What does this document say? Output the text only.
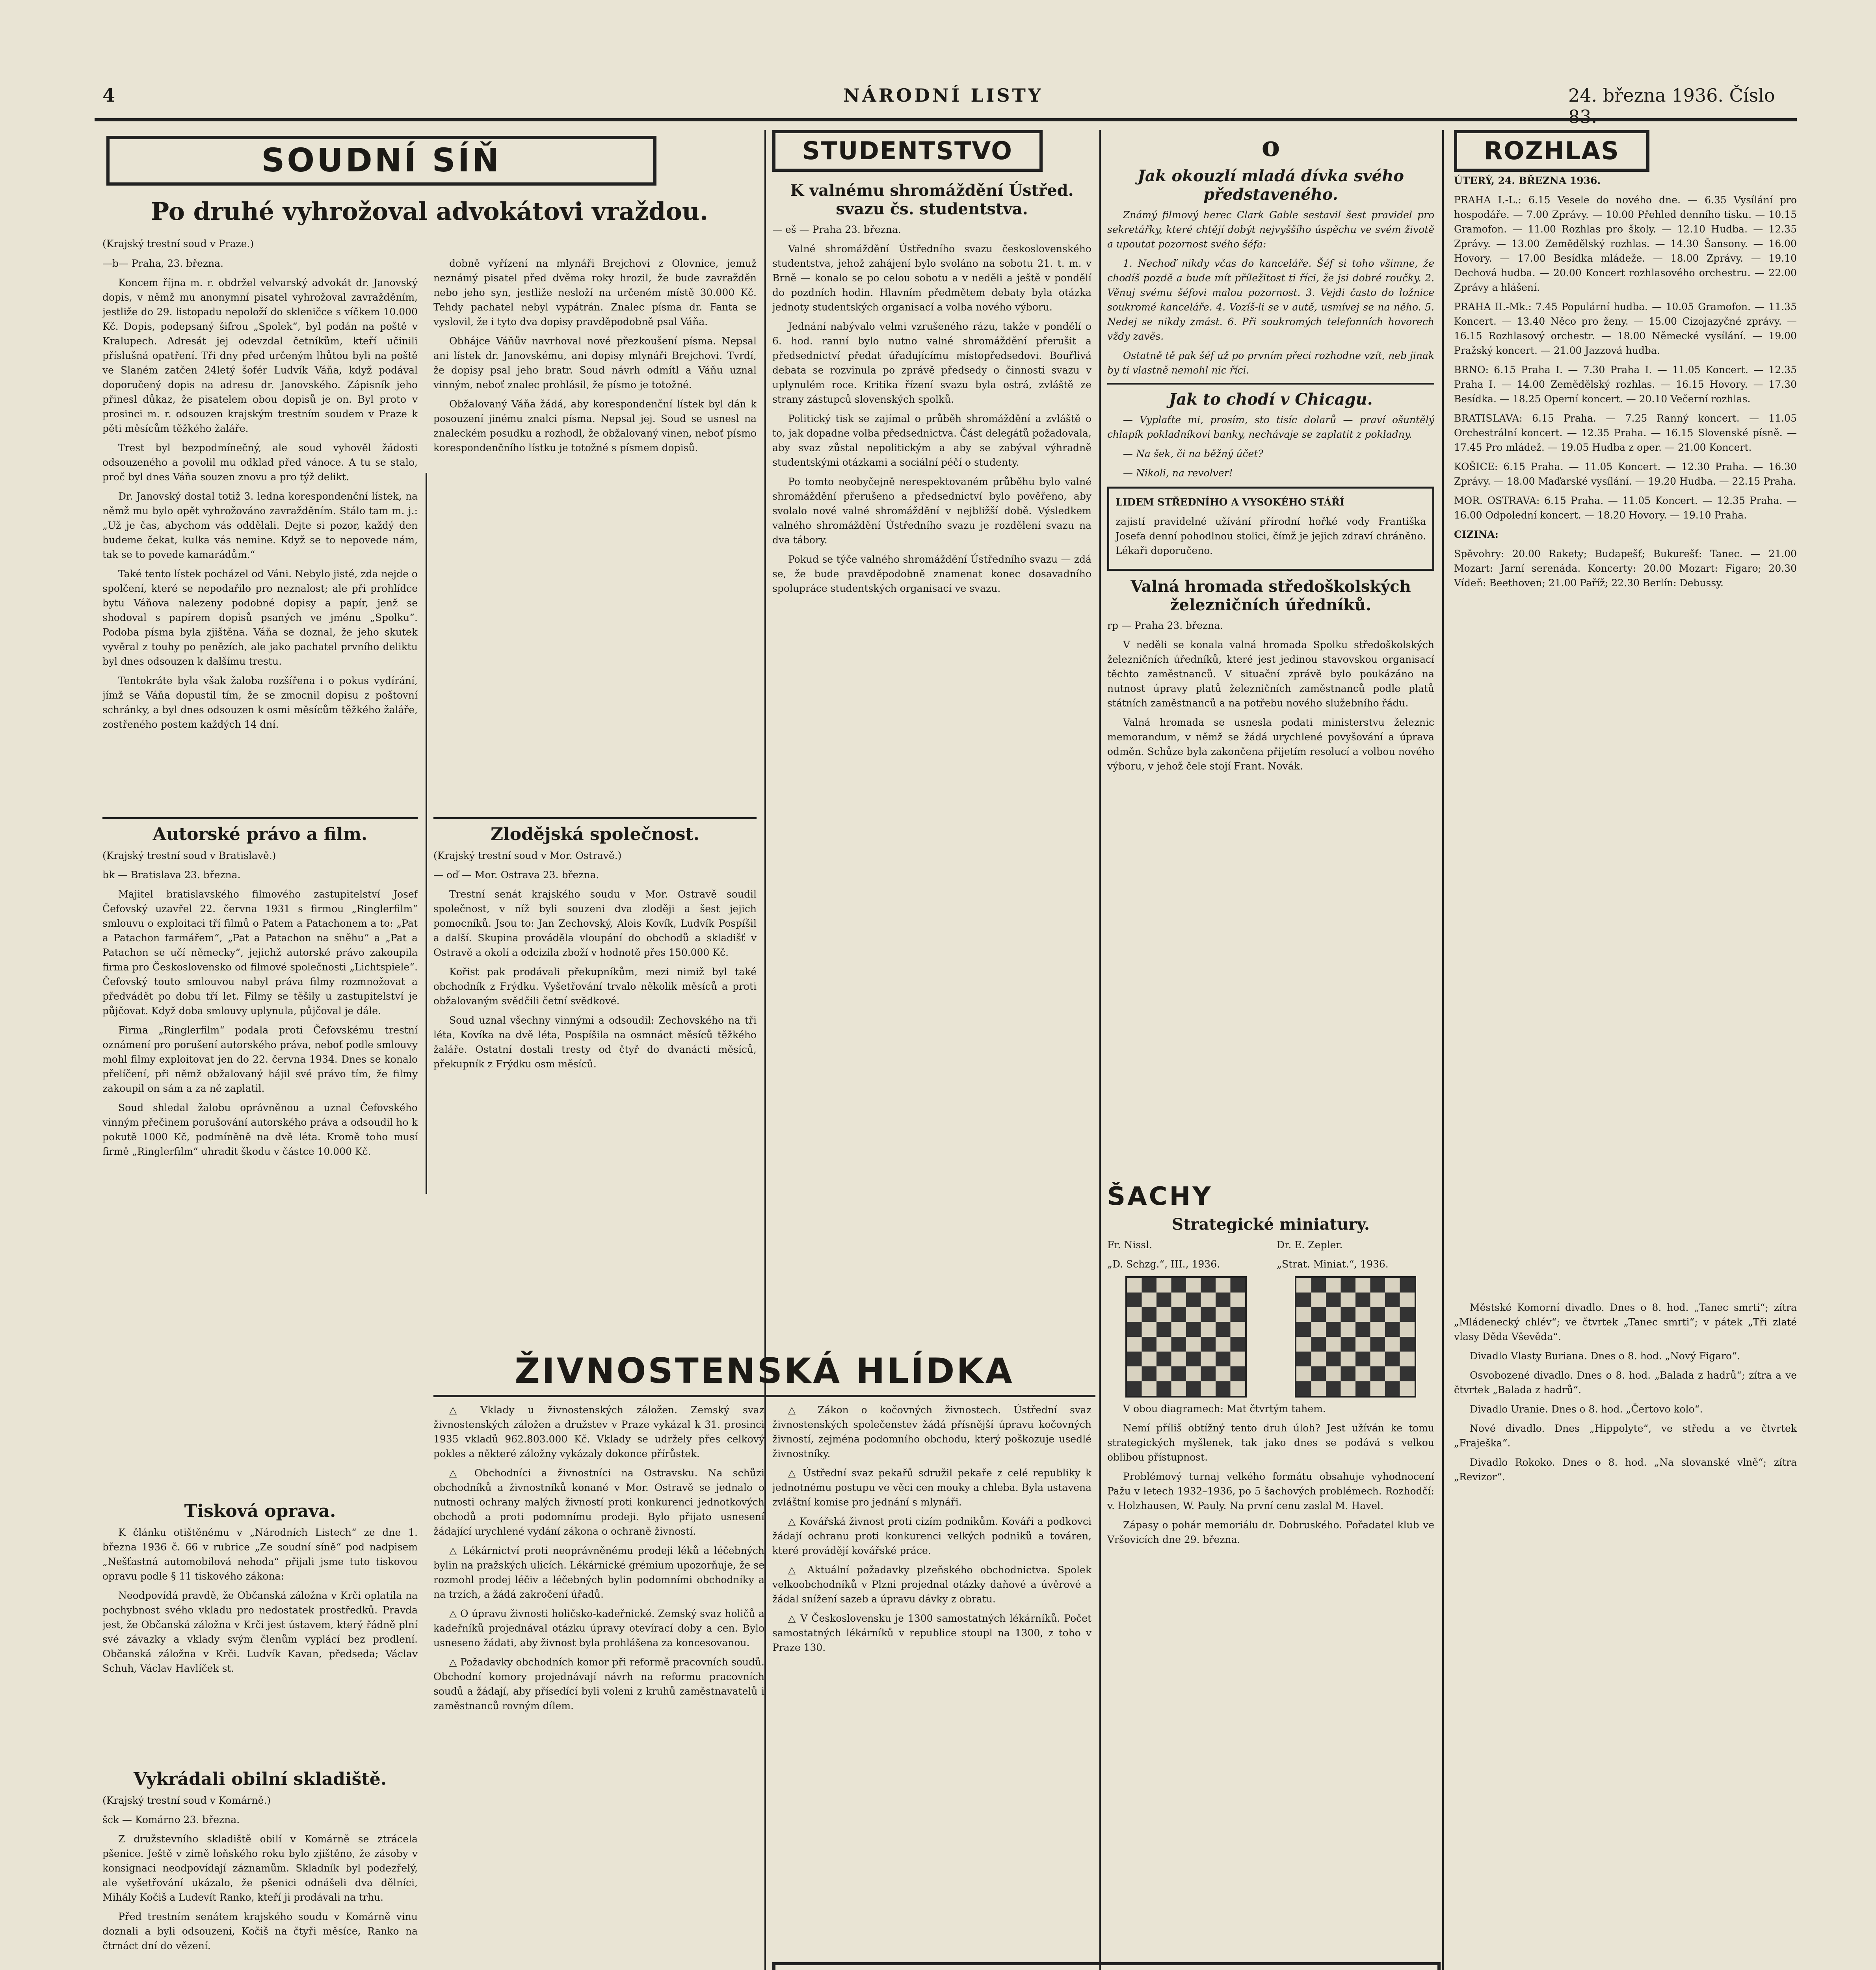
4	NÁRODNÍ LISTY	24. března 1936. Číslo 83.
SOUDNÍ SÍŇ
Po druhé vyhrožoval advokátovi vraždou.

(Krajský trestní soud v Praze.)

—b— Praha, 23. března.

Koncem října m. r. obdržel velvarský advokát dr. Janovský dopis, v němž mu anonymní pisatel vyhrožoval zavražděním, jestliže do 29. listopadu nepoloží do skleničce s víčkem 10.000 Kč. Dopis, podepsaný šifrou „Spolek“, byl podán na poště v Kralupech. Adresát jej odevzdal četníkům, kteří učinili příslušná opatření. Tři dny před určeným lhůtou byli na poště ve Slaném zatčen 24letý šofér Ludvík Váňa, když podával doporučený dopis na adresu dr. Janovského. Zápisník jeho přinesl důkaz, že pisatelem obou dopisů je on. Byl proto v prosinci m. r. odsouzen krajským trestním soudem v Praze k pěti měsícům těžkého žaláře.

Trest byl bezpodmínečný, ale soud vyhověl žádosti odsouzeného a povolil mu odklad před vánoce. A tu se stalo, proč byl dnes Váňa souzen znovu a pro týž delikt.

Dr. Janovský dostal totiž 3. ledna korespondenční lístek, na němž mu bylo opět vyhrožováno zavražděním. Stálo tam m. j.: „Už je čas, abychom vás oddělali. Dejte si pozor, každý den budeme čekat, kulka vás nemine. Když se to nepovede nám, tak se to povede kamarádům.“

Také tento lístek pocházel od Váni. Nebylo jisté, zda nejde o spolčení, které se nepodařilo pro neznalost; ale při prohlídce bytu Váňova nalezeny podobné dopisy a papír, jenž se shodoval s papírem dopisů psaných ve jménu „Spolku“. Podoba písma byla zjištěna. Váňa se doznal, že jeho skutek vyvěral z touhy po penězích, ale jako pachatel prvního deliktu byl dnes odsouzen k dalšímu trestu.

Tentokráte byla však žaloba rozšířena i o pokus vydírání, jímž se Váňa dopustil tím, že se zmocnil dopisu z poštovní schránky, a byl dnes odsouzen k osmi měsícům těžkého žaláře, zostřeného postem každých 14 dní.

dobně vyřízení na mlynáři Brejchovi z Olovnice, jemuž neznámý pisatel před dvěma roky hrozil, že bude zavražděn nebo jeho syn, jestliže nesloží na určeném místě 30.000 Kč. Tehdy pachatel nebyl vypátrán. Znalec písma dr. Fanta se vyslovil, že i tyto dva dopisy pravděpodobně psal Váňa.

Obhájce Váňův navrhoval nové přezkoušení písma. Nepsal ani lístek dr. Janovskému, ani dopisy mlynáři Brejchovi. Tvrdí, že dopisy psal jeho bratr. Soud návrh odmítl a Váňu uznal vinným, neboť znalec prohlásil, že písmo je totožné.

Obžalovaný Váňa žádá, aby korespondenční lístek byl dán k posouzení jinému znalci písma. Nepsal jej. Soud se usnesl na znaleckém posudku a rozhodl, že obžalovaný vinen, neboť písmo korespondenčního lístku je totožné s písmem dopisů.

Autorské právo a film.

(Krajský trestní soud v Bratislavě.)

bk — Bratislava 23. března.

Majitel bratislavského filmového zastupitelství Josef Čefovský uzavřel 22. června 1931 s firmou „Ringlerfilm“ smlouvu o exploitaci tří filmů o Patem a Patachonem a to: „Pat a Patachon farmářem“, „Pat a Patachon na sněhu“ a „Pat a Patachon se učí německy“, jejichž autorské právo zakoupila firma pro Československo od filmové společnosti „Lichtspiele“. Čefovský touto smlouvou nabyl práva filmy rozmnožovat a předvádět po dobu tří let. Filmy se těšily u zastupitelství je půjčovat. Když doba smlouvy uplynula, půjčoval je dále.

Firma „Ringlerfilm“ podala proti Čefovskému trestní oznámení pro porušení autorského práva, neboť podle smlouvy mohl filmy exploitovat jen do 22. června 1934. Dnes se konalo přelíčení, při němž obžalovaný hájil své právo tím, že filmy zakoupil on sám a za ně zaplatil.

Soud shledal žalobu oprávněnou a uznal Čefovského vinným přečinem porušování autorského práva a odsoudil ho k pokutě 1000 Kč, podmíněně na dvě léta. Kromě toho musí firmě „Ringlerfilm“ uhradit škodu v částce 10.000 Kč.

Tisková oprava.

K článku otištěnému v „Národních Listech“ ze dne 1. března 1936 č. 66 v rubrice „Ze soudní síně“ pod nadpisem „Nešťastná automobilová nehoda“ přijali jsme tuto tiskovou opravu podle § 11 tiskového zákona:

Neodpovídá pravdě, že Občanská záložna v Krči oplatila na pochybnost svého vkladu pro nedostatek prostředků. Pravda jest, že Občanská záložna v Krči jest ústavem, který řádně plní své závazky a vklady svým členům vyplácí bez prodlení. Občanská záložna v Krči. Ludvík Kavan, předseda; Václav Schuh, Václav Havlíček st.

Vykrádali obilní skladiště.

(Krajský trestní soud v Komárně.)

šck — Komárno 23. března.

Z družstevního skladiště obilí v Komárně se ztrácela pšenice. Ještě v zimě loňského roku bylo zjištěno, že zásoby v konsignaci neodpovídají záznamům. Skladník byl podezřelý, ale vyšetřování ukázalo, že pšenici odnášeli dva dělníci, Mihály Kočiš a Ludevít Ranko, kteří ji prodávali na trhu.

Před trestním senátem krajského soudu v Komárně vinu doznali a byli odsouzeni, Kočiš na čtyři měsíce, Ranko na čtrnáct dní do vězení.

Zlodějská společnost.

(Krajský trestní soud v Mor. Ostravě.)

— oď — Mor. Ostrava 23. března.

Trestní senát krajského soudu v Mor. Ostravě soudil společnost, v níž byli souzeni dva zloději a šest jejich pomocníků. Jsou to: Jan Zechovský, Alois Kovík, Ludvík Pospíšil a další. Skupina prováděla vloupání do obchodů a skladišť v Ostravě a okolí a odcizila zboží v hodnotě přes 150.000 Kč.

Kořist pak prodávali překupníkům, mezi nimiž byl také obchodník z Frýdku. Vyšetřování trvalo několik měsíců a proti obžalovaným svědčili četní svědkové.

Soud uznal všechny vinnými a odsoudil: Zechovského na tři léta, Kovíka na dvě léta, Pospíšila na osmnáct měsíců těžkého žaláře. Ostatní dostali tresty od čtyř do dvanácti měsíců, překupník z Frýdku osm měsíců.

STUDENTSTVO
K valnému shromáždění Ústřed. svazu čs. studentstva.

— eš — Praha 23. března.

Valné shromáždění Ústředního svazu československého studentstva, jehož zahájení bylo svoláno na sobotu 21. t. m. v Brně — konalo se po celou sobotu a v neděli a ještě v pondělí do pozdních hodin. Hlavním předmětem debaty byla otázka jednoty studentských organisací a volba nového výboru.

Jednání nabývalo velmi vzrušeného rázu, takže v pondělí o 6. hod. ranní bylo nutno valné shromáždění přerušit a předsednictví předat úřadujícímu místopředsedovi. Bouřlivá debata se rozvinula po zprávě předsedy o činnosti svazu v uplynulém roce. Kritika řízení svazu byla ostrá, zvláště ze strany zástupců slovenských spolků.

Politický tisk se zajímal o průběh shromáždění a zvláště o to, jak dopadne volba předsednictva. Část delegátů požadovala, aby svaz zůstal nepolitickým a aby se zabýval výhradně studentskými otázkami a sociální péčí o studenty.

Po tomto neobyčejně nerespektovaném průběhu bylo valné shromáždění přerušeno a předsednictví bylo pověřeno, aby svolalo nové valné shromáždění v nejbližší době. Výsledkem valného shromáždění Ústředního svazu je rozdělení svazu na dva tábory.

Pokud se týče valného shromáždění Ústředního svazu — zdá se, že bude pravděpodobně znamenat konec dosavadního spolupráce studentských organisací ve svazu.

o
Jak okouzlí mladá dívka svého představeného.

Známý filmový herec Clark Gable sestavil šest pravidel pro sekretářky, které chtějí dobýt nejvyššího úspěchu ve svém životě a upoutat pozornost svého šéfa:

1. Nechoď nikdy včas do kanceláře. Šéf si toho všimne, že chodíš pozdě a bude mít příležitost ti říci, že jsi dobré roučky. 2. Věnuj svému šéfovi malou pozornost. 3. Vejdi často do ložnice soukromé kanceláře. 4. Vozíš-li se v autě, usmívej se na něho. 5. Nedej se nikdy zmást. 6. Při soukromých telefonních hovorech vždy zavěs.

Ostatně tě pak šéf už po prvním přeci rozhodne vzít, neb jinak by ti vlastně nemohl nic říci.

Jak to chodí v Chicagu.

— Vyplaťte mi, prosím, sto tisíc dolarů — praví ošuntělý chlapík pokladníkovi banky, nechávaje se zaplatit z pokladny.

— Na šek, či na běžný účet?

— Nikoli, na revolver!

LIDEM STŘEDNÍHO A VYSOKÉHO STÁŘÍ

zajistí pravidelné užívání přírodní hořké vody Františka Josefa denní pohodlnou stolici, čímž je jejich zdraví chráněno. Lékaři doporučeno.

Valná hromada středoškolských železničních úředníků.

rp — Praha 23. března.

V neděli se konala valná hromada Spolku středoškolských železničních úředníků, které jest jedinou stavovskou organisací těchto zaměstnanců. V situační zprávě bylo poukázáno na nutnost úpravy platů železničních zaměstnanců podle platů státních zaměstnanců a na potřebu nového služebního řádu.

Valná hromada se usnesla podati ministerstvu železnic memorandum, v němž se žádá urychlené povyšování a úprava odměn. Schůze byla zakončena přijetím resolucí a volbou nového výboru, v jehož čele stojí Frant. Novák.

ŽIVNOSTENSKÁ HLÍDKA

△ Vklady u živnostenských záložen. Zemský svaz živnostenských záložen a družstev v Praze vykázal k 31. prosinci 1935 vkladů 962.803.000 Kč. Vklady se udržely přes celkový pokles a některé záložny vykázaly dokonce přírůstek.

△ Obchodníci a živnostníci na Ostravsku. Na schůzi obchodníků a živnostníků konané v Mor. Ostravě se jednalo o nutnosti ochrany malých živností proti konkurenci jednotkových obchodů a proti podomnímu prodeji. Bylo přijato usnesení žádající urychlené vydání zákona o ochraně živností.

△ Lékárnictví proti neoprávněnému prodeji léků a léčebných bylin na pražských ulicích. Lékárnické grémium upozorňuje, že se rozmohl prodej léčiv a léčebných bylin podomními obchodníky a na trzích, a žádá zakročení úřadů.

△ O úpravu živnosti holičsko-kadeřnické. Zemský svaz holičů a kadeřníků projednával otázku úpravy otevírací doby a cen. Bylo usneseno žádati, aby živnost byla prohlášena za koncesovanou.

△ Požadavky obchodních komor při reformě pracovních soudů. Obchodní komory projednávají návrh na reformu pracovních soudů a žádají, aby přísedící byli voleni z kruhů zaměstnavatelů i zaměstnanců rovným dílem.

△ Zákon o kočovných živnostech. Ústřední svaz živnostenských společenstev žádá přísnější úpravu kočovných živností, zejména podomního obchodu, který poškozuje usedlé živnostníky.

△ Ústřední svaz pekařů sdružil pekaře z celé republiky k jednotnému postupu ve věci cen mouky a chleba. Byla ustavena zvláštní komise pro jednání s mlynáři.

△ Kovářská živnost proti cizím podnikům. Kováři a podkovci žádají ochranu proti konkurenci velkých podniků a továren, které provádějí kovářské práce.

△ Aktuální požadavky plzeňského obchodnictva. Spolek velkoobchodníků v Plzni projednal otázky daňové a úvěrové a žádal snížení sazeb a úpravu dávky z obratu.

△ V Československu je 1300 samostatných lékárníků. Počet samostatných lékárníků v republice stoupl na 1300, z toho v Praze 130.

ŠACHY
Strategické miniatury.

Fr. Nissl.

„D. Schzg.“, III., 1936.

Dr. E. Zepler.

„Strat. Miniat.“, 1936.

V obou diagramech: Mat čtvrtým tahem.

Nemí příliš obtížný tento druh úloh? Jest užíván ke tomu strategických myšlenek, tak jako dnes se podává s velkou oblibou přístupnost.

Problémový turnaj velkého formátu obsahuje vyhodnocení Pažu v letech 1932–1936, po 5 šachových problémech. Rozhodčí: v. Holzhausen, W. Pauly. Na první cenu zaslal M. Havel.

Zápasy o pohár memoriálu dr. Dobruského. Pořadatel klub ve Vršovicích dne 29. března.

ROZHLAS

ÚTERÝ, 24. BŘEZNA 1936.

PRAHA I.-L.: 6.15 Vesele do nového dne. — 6.35 Vysílání pro hospodáře. — 7.00 Zprávy. — 10.00 Přehled denního tisku. — 10.15 Gramofon. — 11.00 Rozhlas pro školy. — 12.10 Hudba. — 12.35 Zprávy. — 13.00 Zemědělský rozhlas. — 14.30 Šansony. — 16.00 Hovory. — 17.00 Besídka mládeže. — 18.00 Zprávy. — 19.10 Dechová hudba. — 20.00 Koncert rozhlasového orchestru. — 22.00 Zprávy a hlášení.

PRAHA II.-Mk.: 7.45 Populární hudba. — 10.05 Gramofon. — 11.35 Koncert. — 13.40 Něco pro ženy. — 15.00 Cizojazyčné zprávy. — 16.15 Rozhlasový orchestr. — 18.00 Německé vysílání. — 19.00 Pražský koncert. — 21.00 Jazzová hudba.

BRNO: 6.15 Praha I. — 7.30 Praha I. — 11.05 Koncert. — 12.35 Praha I. — 14.00 Zemědělský rozhlas. — 16.15 Hovory. — 17.30 Besídka. — 18.25 Operní koncert. — 20.10 Večerní rozhlas.

BRATISLAVA: 6.15 Praha. — 7.25 Ranný koncert. — 11.05 Orchestrální koncert. — 12.35 Praha. — 16.15 Slovenské písně. — 17.45 Pro mládež. — 19.05 Hudba z oper. — 21.00 Koncert.

KOŠICE: 6.15 Praha. — 11.05 Koncert. — 12.30 Praha. — 16.30 Zprávy. — 18.00 Maďarské vysílání. — 19.20 Hudba. — 22.15 Praha.

MOR. OSTRAVA: 6.15 Praha. — 11.05 Koncert. — 12.35 Praha. — 16.00 Odpolední koncert. — 18.20 Hovory. — 19.10 Praha.

CIZINA:

Spěvohry: 20.00 Rakety; Budapešť; Bukurešť: Tanec. — 21.00 Mozart: Jarní serenáda. Koncerty: 20.00 Mozart: Figaro; 20.30 Vídeň: Beethoven; 21.00 Paříž; 22.30 Berlín: Debussy.

Městské Komorní divadlo. Dnes o 8. hod. „Tanec smrti“; zítra „Mládenecký chlév“; ve čtvrtek „Tanec smrti“; v pátek „Tři zlaté vlasy Děda Vševěda“.

Divadlo Vlasty Buriana. Dnes o 8. hod. „Nový Figaro“.

Osvobozené divadlo. Dnes o 8. hod. „Balada z hadrů“; zítra a ve čtvrtek „Balada z hadrů“.

Divadlo Uranie. Dnes o 8. hod. „Čertovo kolo“.

Nové divadlo. Dnes „Hippolyte“, ve středu a ve čtvrtek „Fraješka“.

Divadlo Rokoko. Dnes o 8. hod. „Na slovanské vlně“; zítra „Revizor“.
